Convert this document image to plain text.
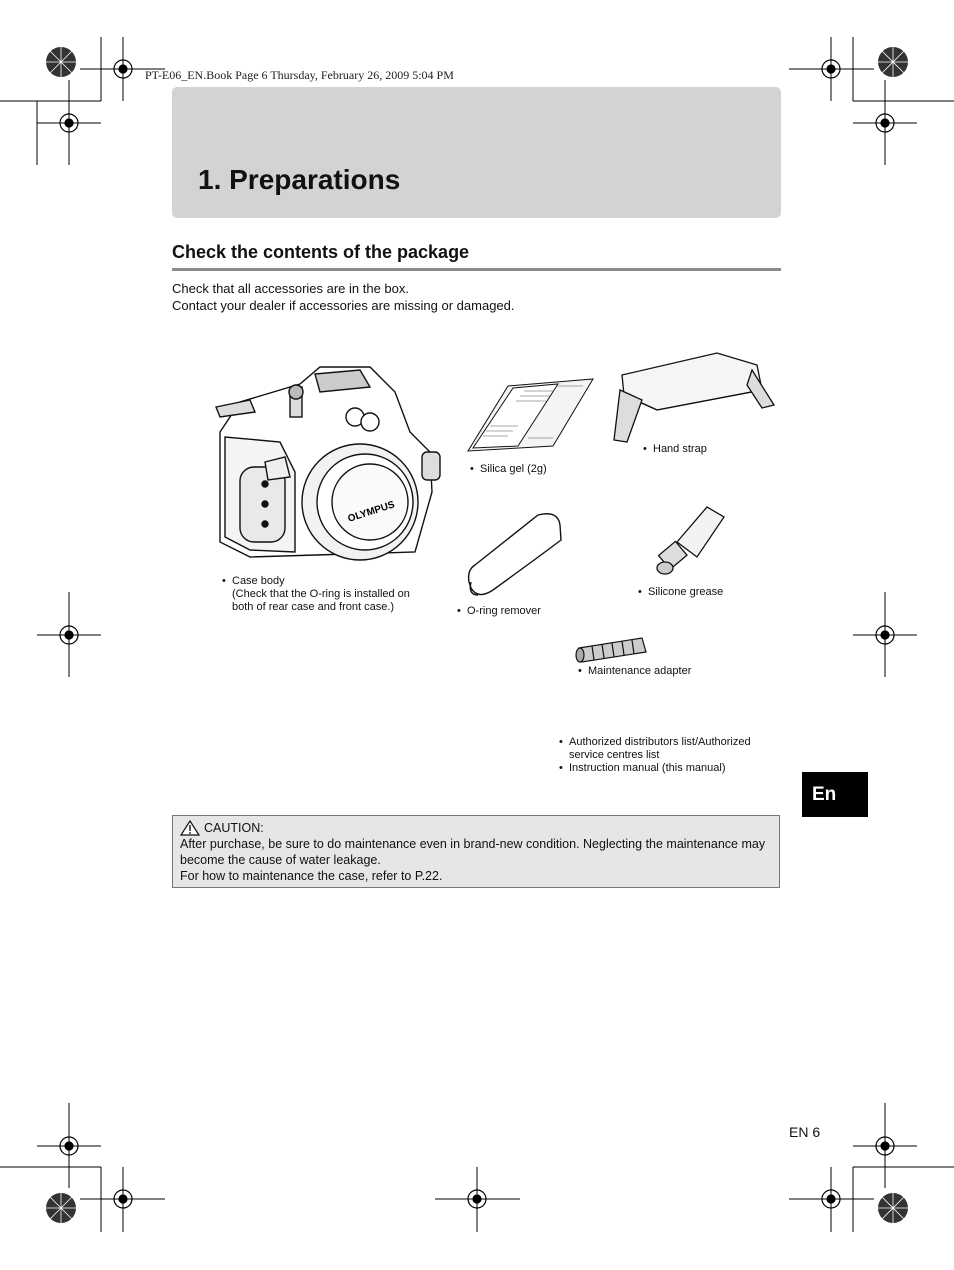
PT-E06_EN.Book Page 6 Thursday, February 26, 2009 5:04 PM
1. Preparations
Check the contents of the package
Check that all accessories are in the box.
Contact your dealer if accessories are missing or damaged.
OLYMPUS
• Case body
(Check that the O-ring is installed on
both of rear case and front case.)
• Silica gel (2g)
• Hand strap
• O-ring remover
• Silicone grease
• Maintenance adapter
• Authorized distributors list/Authorized
service centres list
• Instruction manual (this manual)
En
CAUTION:
After purchase, be sure to do maintenance even in brand-new condition. Neglecting the maintenance may
become the cause of water leakage.
For how to maintenance the case, refer to P.22.
EN 6
